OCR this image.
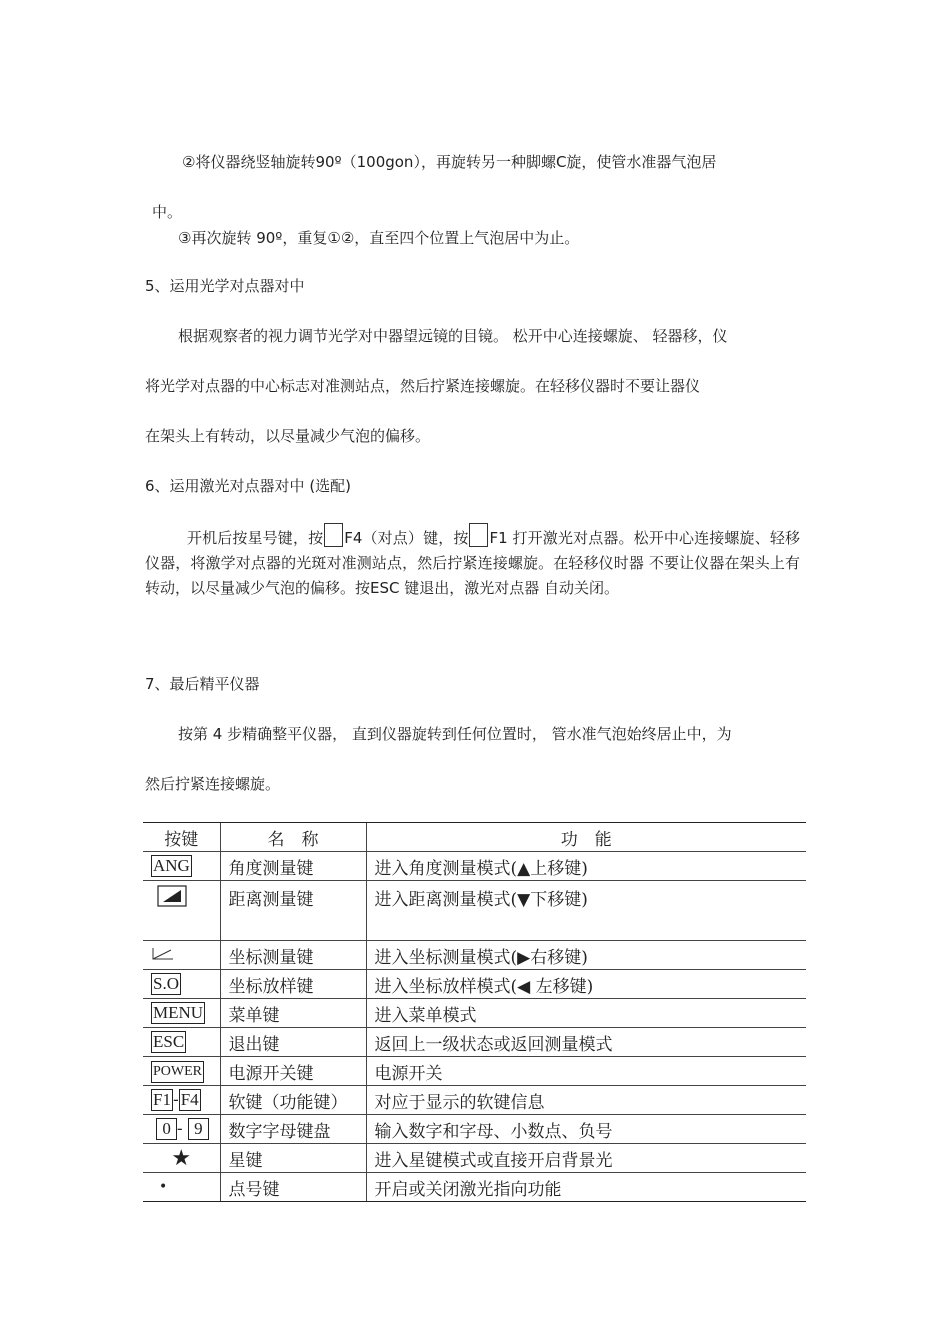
②将仪器绕竖轴旋转90º（100gon），再旋转另一种脚螺C旋，使管水准器气泡居
中。
③再次旋转 90º，重复①②，直至四个位置上气泡居中为止。
5、运用光学对点器对中
根据观察者的视力调节光学对中器望远镜的目镜。 松开中心连接螺旋、 轻器移，仪
将光学对点器的中心标志对准测站点，然后拧紧连接螺旋。在轻移仪器时不要让器仪
在架头上有转动，以尽量减少气泡的偏移。
6、运用激光对点器对中 (选配)
开机后按星号键，按 F4（对点）键，按 F1 打开激光对点器。松开中心连接螺旋、轻移仪器，将激学对点器的光斑对准测站点，然后拧紧连接螺旋。在轻移仪时器 不要让仪器在架头上有转动，以尽量减少气泡的偏移。按ESC 键退出，激光对点器 自动关闭。
7、最后精平仪器
按第 4 步精确整平仪器， 直到仪器旋转到任何位置时， 管水准气泡始终居止中，为
然后拧紧连接螺旋。
按键	名　称	功　能
ANG	角度测量键	进入角度测量模式(▲上移键)
	距离测量键	进入距离测量模式(▼下移键)
	坐标测量键	进入坐标测量模式(▶右移键)
S.O	坐标放样键	进入坐标放样模式(◀ 左移键)
MENU	菜单键	进入菜单模式
ESC	退出键	返回上一级状态或返回测量模式
POWER	电源开关键	电源开关
F1 - F4	软键（功能键）	对应于显示的软键信息
0 - 9	数字字母键盘	输入数字和字母、小数点、负号
★	星键	进入星键模式或直接开启背景光
•	点号键	开启或关闭激光指向功能
